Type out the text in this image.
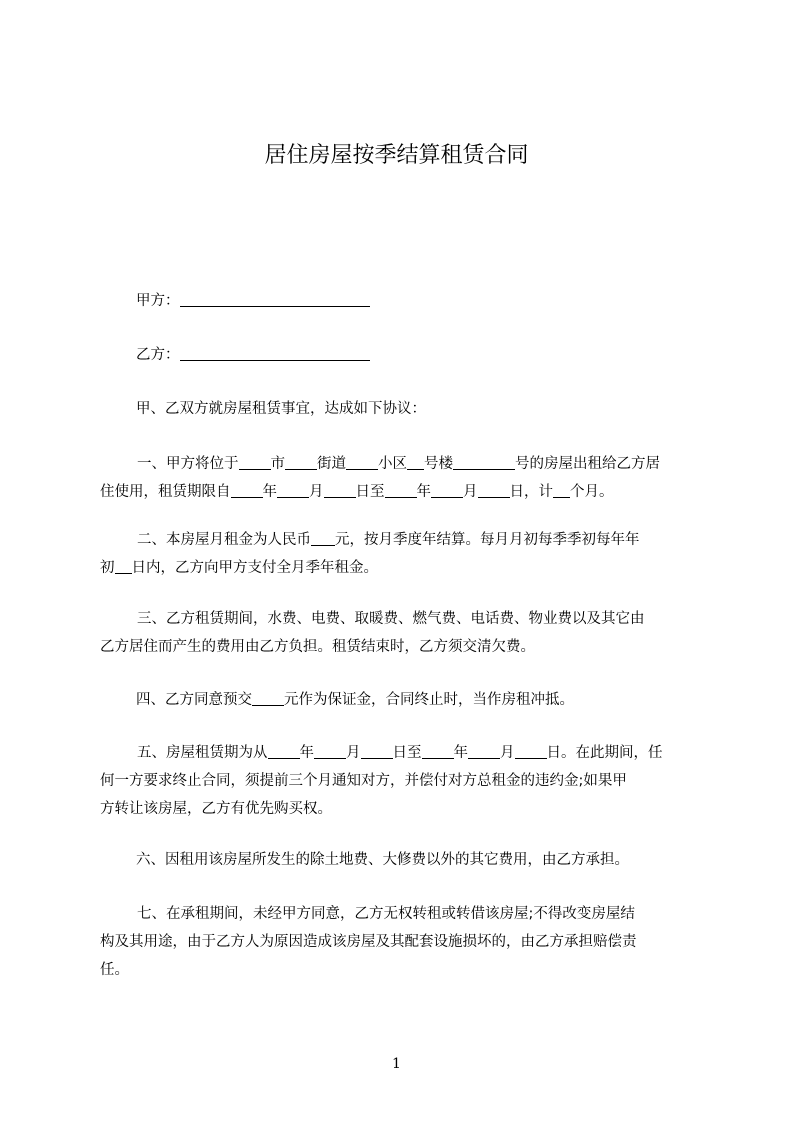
居住房屋按季结算租赁合同
甲方：
乙方：
甲、乙双方就房屋租赁事宜，达成如下协议：
一、甲方将位于 市 街道 小区 号楼	号的房屋出租给乙方居
住使用，租赁期限自 年 月 日至 年 月 日，计 个月。
二、本房屋月租金为人民币 元，按月季度年结算。每月月初每季季初每年年
初 日内，乙方向甲方支付全月季年租金。
三、乙方租赁期间，水费、电费、取暖费、燃气费、电话费、物业费以及其它由
乙方居住而产生的费用由乙方负担。租赁结束时，乙方须交清欠费。
四、乙方同意预交 元作为保证金，合同终止时，当作房租冲抵。
五、房屋租赁期为从 年 月 日至 年 月 日。在此期间，任
何一方要求终止合同，须提前三个月通知对方，并偿付对方总租金的违约金;如果甲
方转让该房屋，乙方有优先购买权。
六、因租用该房屋所发生的除土地费、大修费以外的其它费用，由乙方承担。
七、在承租期间，未经甲方同意，乙方无权转租或转借该房屋;不得改变房屋结
构及其用途，由于乙方人为原因造成该房屋及其配套设施损坏的，由乙方承担赔偿责
任。
1
